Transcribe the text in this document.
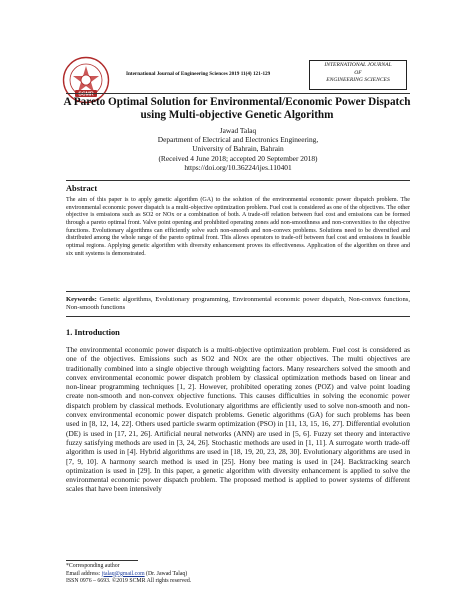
SCMR
International Journal of Engineering Sciences 2019 11(4) 121-129
INTERNATIONAL JOURNAL
OF
ENGINEERING SCIENCES
A Pareto Optimal Solution for Environmental/Economic Power Dispatch
using Multi-objective Genetic Algorithm
Jawad Talaq
Department of Electrical and Electronics Engineering,
University of Bahrain, Bahrain
(Received 4 June 2018; accepted 20 September 2018)
https://doi.org/10.36224/ijes.110401
Abstract
The aim of this paper is to apply genetic algorithm (GA) to the solution of the environmental economic power dispatch problem. The environmental economic power dispatch is a multi-objective optimization problem. Fuel cost is considered as one of the objectives. The other objective is emissions such as SO2 or NOx or a combination of both. A trade-off relation between fuel cost and emissions can be formed through a pareto optimal front. Valve point opening and prohibited operating zones add non-smoothness and non-convexities to the objective functions. Evolutionary algorithms can efficiently solve such non-smooth and non-convex problems. Solutions need to be diversified and distributed among the whole range of the pareto optimal front. This allows operators to trade-off between fuel cost and emissions in feasible optimal regions. Applying genetic algorithm with diversity enhancement proves its effectiveness. Application of the algorithm on three and six unit systems is demonstrated.
Keywords: Genetic algorithms, Evolutionary programming, Environmental economic power dispatch, Non-convex functions, Non-smooth functions
1. Introduction
The environmental economic power dispatch is a multi-objective optimization problem. Fuel cost is considered as one of the objectives. Emissions such as SO2 and NOx are the other objectives. The multi objectives are traditionally combined into a single objective through weighting factors. Many researchers solved the smooth and convex environmental economic power dispatch problem by classical optimization methods based on linear and non-linear programming techniques [1, 2]. However, prohibited operating zones (POZ) and valve point loading create non-smooth and non-convex objective functions. This causes difficulties in solving the economic power dispatch problem by classical methods. Evolutionary algorithms are efficiently used to solve non-smooth and non-convex environmental economic power dispatch problems. Genetic algorithms (GA) for such problems has been used in [8, 12, 14, 22]. Others used particle swarm optimization (PSO) in [11, 13, 15, 16, 27]. Differential evolution (DE) is used in [17, 21, 26]. Artificial neural networks (ANN) are used in [5, 6]. Fuzzy set theory and interactive fuzzy satisfying methods are used in [3, 24, 26]. Stochastic methods are used in [1, 11]. A surrogate worth trade-off algorithm is used in [4]. Hybrid algorithms are used in [18, 19, 20, 23, 28, 30]. Evolutionary algorithms are used in [7, 9, 10]. A harmony search method is used in [25]. Hony bee mating is used in [24]. Backtracking search optimization is used in [29]. In this paper, a genetic algorithm with diversity enhancement is applied to solve the environmental economic power dispatch problem. The proposed method is applied to power systems of different scales that have been intensively
*Corresponding author
Email address: jtalaq@gmail.com (Dr. Jawad Talaq)
ISSN 0976 – 6693. ©2019 SCMR All rights reserved.
